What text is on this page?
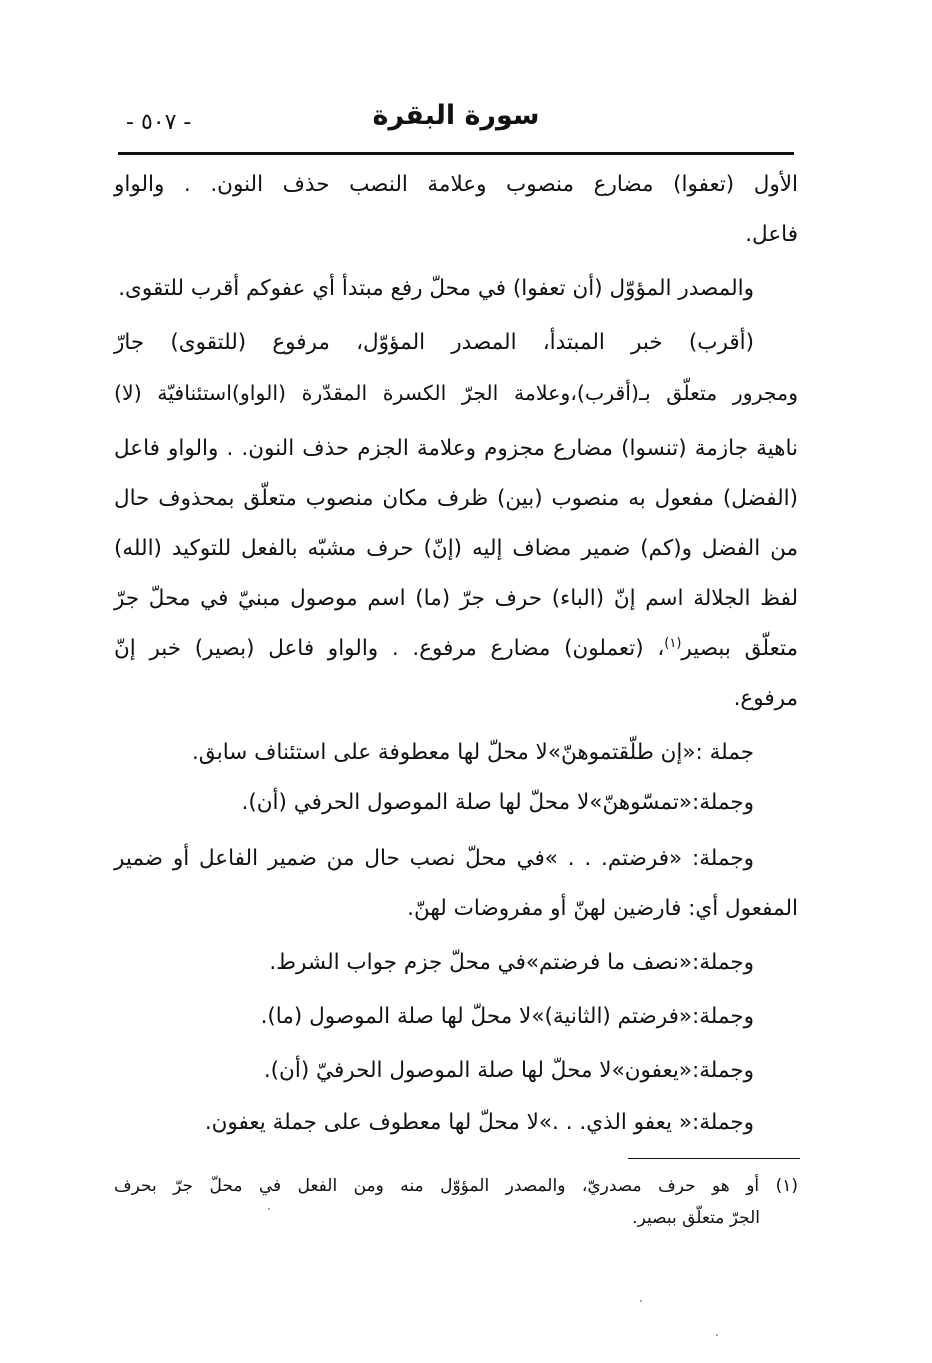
- ٥٠٧ -	سورة البقرة

الأول (تعفوا) مضارع منصوب وعلامة النصب حذف النون. . والواو

فاعل.

والمصدر المؤوّل (أن تعفوا) في محلّ رفع مبتدأ أي عفوكم أقرب للتقوى.

(أقرب) خبر المبتدأ، المصدر المؤوّل، مرفوع (للتقوى) جارّ

ومجرور متعلّق بـ(أقرب)،وعلامة الجرّ الكسرة المقدّرة (الواو)استئنافيّة (لا)

ناهية جازمة (تنسوا) مضارع مجزوم وعلامة الجزم حذف النون. . والواو فاعل (الفضل) مفعول به منصوب (بين) ظرف مكان منصوب متعلّق بمحذوف حال من الفضل و(كم) ضمير مضاف إليه (إنّ) حرف مشبّه بالفعل للتوكيد (الله) لفظ الجلالة اسم إنّ (الباء) حرف جرّ (ما) اسم موصول مبنيّ في محلّ جرّ متعلّق ببصير$^{(١)}$، (تعملون) مضارع مرفوع. . والواو فاعل (بصير) خبر إنّ مرفوع.

جملة :«إن طلّقتموهنّ»لا محلّ لها معطوفة على استئناف سابق.

وجملة:«تمسّوهنّ»لا محلّ لها صلة الموصول الحرفي (أن).

وجملة: «فرضتم. . . »في محلّ نصب حال من ضمير الفاعل أو ضمير المفعول أي: فارضين لهنّ أو مفروضات لهنّ.

وجملة:«نصف ما فرضتم»في محلّ جزم جواب الشرط.

وجملة:«فرضتم (الثانية)»لا محلّ لها صلة الموصول (ما).

وجملة:«يعفون»لا محلّ لها صلة الموصول الحرفيّ (أن).

وجملة:« يعفو الذي. . .»لا محلّ لها معطوف على جملة يعفون.

(١) أو هو حرف مصدريّ، والمصدر المؤوّل منه ومن الفعل في محلّ جرّ بحرف

الجرّ متعلّق ببصير.
